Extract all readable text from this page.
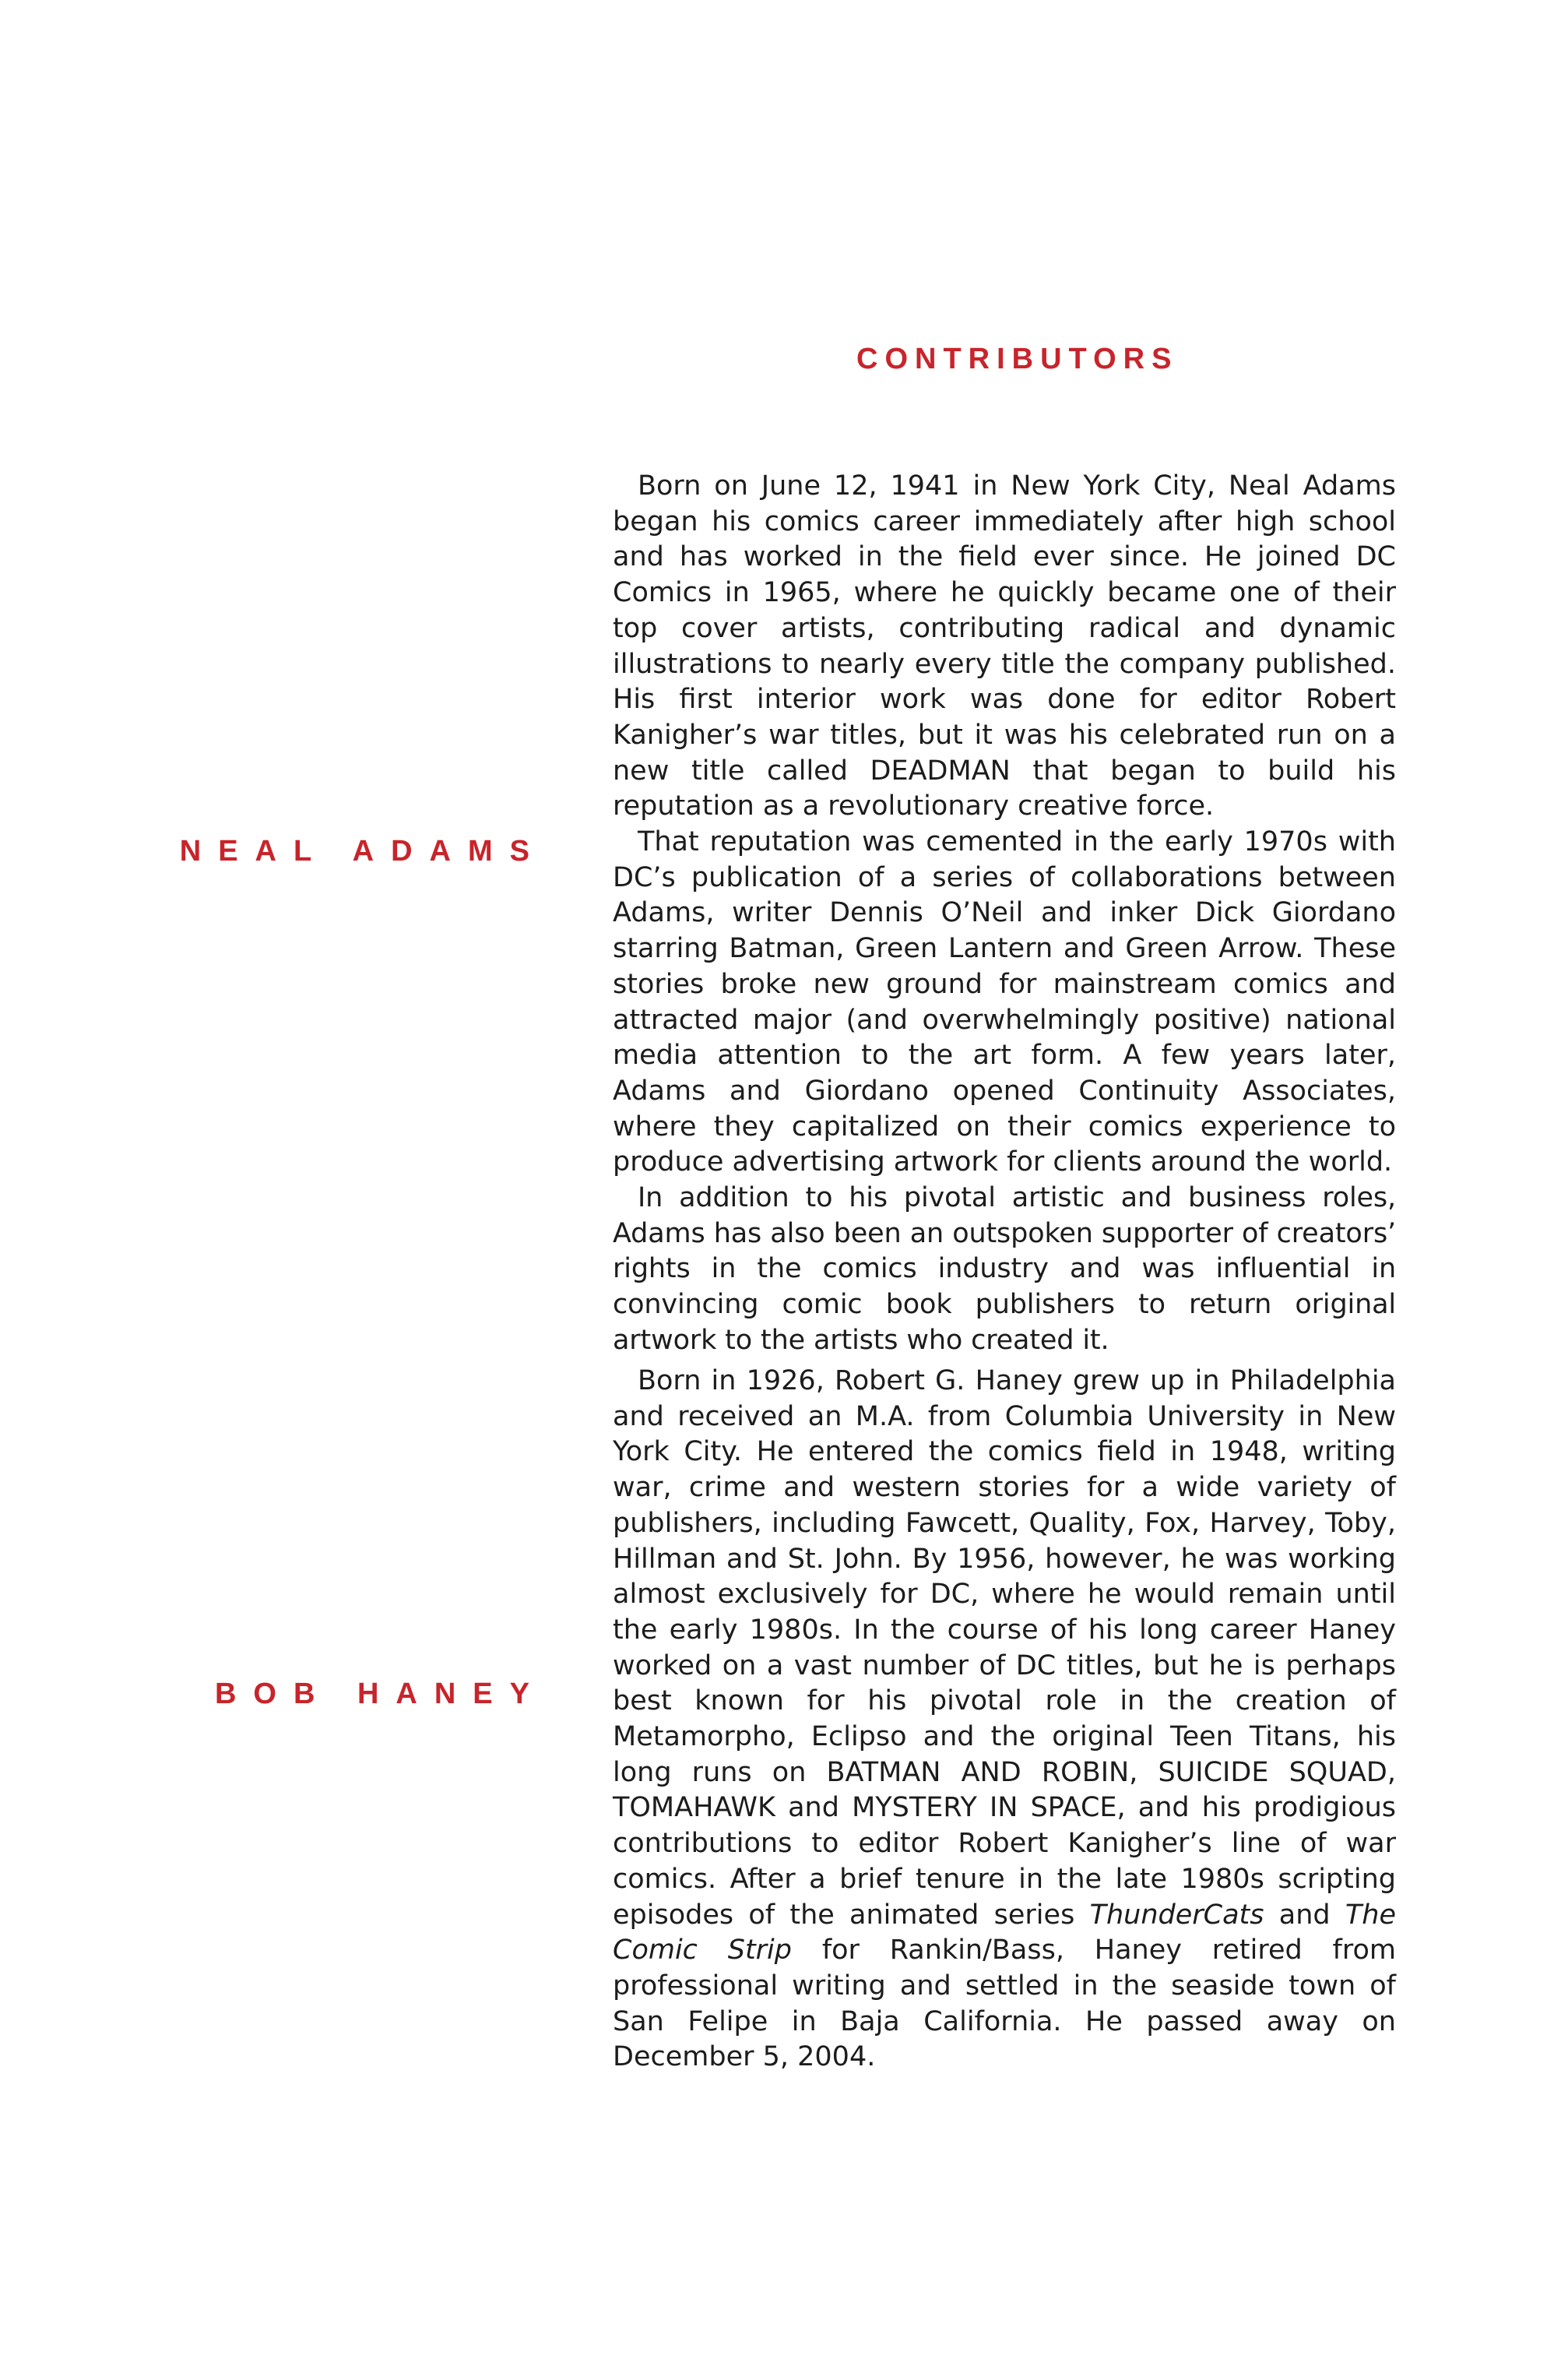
CONTRIBUTORS
NEAL ADAMS

Born on June 12, 1941 in New York City, Neal Adams began his comics career immediately after high school and has worked in the field ever since. He joined DC Comics in 1965, where he quickly became one of their top cover artists, contributing radical and dynamic illustrations to nearly every title the company published. His first interior work was done for editor Robert Kanigher’s war titles, but it was his celebrated run on a new title called DEADMAN that began to build his reputation as a revolutionary creative force.

That reputation was cemented in the early 1970s with DC’s publication of a series of collaborations between Adams, writer Dennis O’Neil and inker Dick Giordano starring Batman, Green Lantern and Green Arrow. These stories broke new ground for mainstream comics and attracted major (and overwhelmingly positive) national media attention to the art form. A few years later, Adams and Giordano opened Continuity Associates, where they capitalized on their comics experience to produce advertising artwork for clients around the world.

In addition to his pivotal artistic and business roles, Adams has also been an outspoken supporter of creators’ rights in the comics industry and was influential in convincing comic book publishers to return original artwork to the artists who created it.

BOB HANEY

Born in 1926, Robert G. Haney grew up in Philadelphia and received an M.A. from Columbia University in New York City. He entered the comics field in 1948, writing war, crime and western stories for a wide variety of publishers, including Fawcett, Quality, Fox, Harvey, Toby, Hillman and St. John. By 1956, however, he was working almost exclusively for DC, where he would remain until the early 1980s. In the course of his long career Haney worked on a vast number of DC titles, but he is perhaps best known for his pivotal role in the creation of Metamorpho, Eclipso and the original Teen Titans, his long runs on BATMAN AND ROBIN, SUICIDE SQUAD, TOMAHAWK and MYSTERY IN SPACE, and his prodigious contributions to editor Robert Kanigher’s line of war comics. After a brief tenure in the late 1980s scripting episodes of the animated series ThunderCats and The Comic Strip for Rankin/Bass, Haney retired from professional writing and settled in the seaside town of San Felipe in Baja California. He passed away on December 5, 2004.
